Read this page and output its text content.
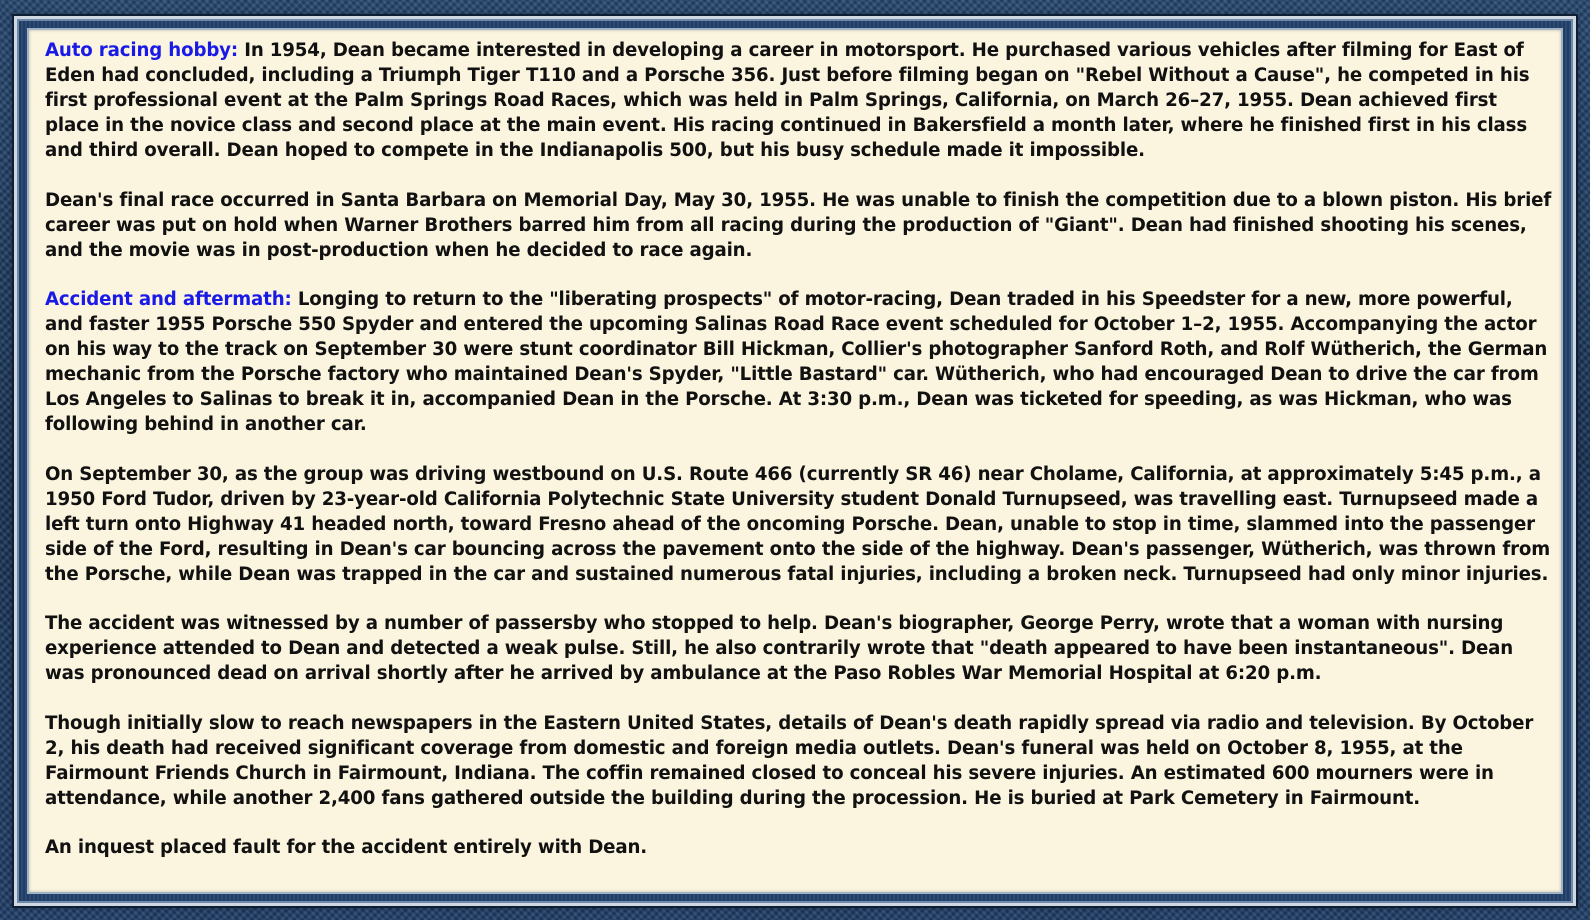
Auto racing hobby: In 1954, Dean became interested in developing a career in motorsport. He purchased various vehicles after filming for East of Eden had concluded, including a Triumph Tiger T110 and a Porsche 356. Just before filming began on "Rebel Without a Cause", he competed in his first professional event at the Palm Springs Road Races, which was held in Palm Springs, California, on March 26–27, 1955. Dean achieved first place in the novice class and second place at the main event. His racing continued in Bakersfield a month later, where he finished first in his class and third overall. Dean hoped to compete in the Indianapolis 500, but his busy schedule made it impossible.

Dean's final race occurred in Santa Barbara on Memorial Day, May 30, 1955. He was unable to finish the competition due to a blown piston. His brief career was put on hold when Warner Brothers barred him from all racing during the production of "Giant". Dean had finished shooting his scenes, and the movie was in post-production when he decided to race again.

Accident and aftermath: Longing to return to the "liberating prospects" of motor-racing, Dean traded in his Speedster for a new, more powerful, and faster 1955 Porsche 550 Spyder and entered the upcoming Salinas Road Race event scheduled for October 1–2, 1955. Accompanying the actor on his way to the track on September 30 were stunt coordinator Bill Hickman, Collier's photographer Sanford Roth, and Rolf Wütherich, the German mechanic from the Porsche factory who maintained Dean's Spyder, "Little Bastard" car. Wütherich, who had encouraged Dean to drive the car from Los Angeles to Salinas to break it in, accompanied Dean in the Porsche. At 3:30 p.m., Dean was ticketed for speeding, as was Hickman, who was following behind in another car.

On September 30, as the group was driving westbound on U.S. Route 466 (currently SR 46) near Cholame, California, at approximately 5:45 p.m., a 1950 Ford Tudor, driven by 23-year-old California Polytechnic State University student Donald Turnupseed, was travelling east. Turnupseed made a left turn onto Highway 41 headed north, toward Fresno ahead of the oncoming Porsche. Dean, unable to stop in time, slammed into the passenger side of the Ford, resulting in Dean's car bouncing across the pavement onto the side of the highway. Dean's passenger, Wütherich, was thrown from the Porsche, while Dean was trapped in the car and sustained numerous fatal injuries, including a broken neck. Turnupseed had only minor injuries.

The accident was witnessed by a number of passersby who stopped to help. Dean's biographer, George Perry, wrote that a woman with nursing experience attended to Dean and detected a weak pulse. Still, he also contrarily wrote that "death appeared to have been instantaneous". Dean was pronounced dead on arrival shortly after he arrived by ambulance at the Paso Robles War Memorial Hospital at 6:20 p.m.

Though initially slow to reach newspapers in the Eastern United States, details of Dean's death rapidly spread via radio and television. By October 2, his death had received significant coverage from domestic and foreign media outlets. Dean's funeral was held on October 8, 1955, at the Fairmount Friends Church in Fairmount, Indiana. The coffin remained closed to conceal his severe injuries. An estimated 600 mourners were in attendance, while another 2,400 fans gathered outside the building during the procession. He is buried at Park Cemetery in Fairmount.

An inquest placed fault for the accident entirely with Dean.
